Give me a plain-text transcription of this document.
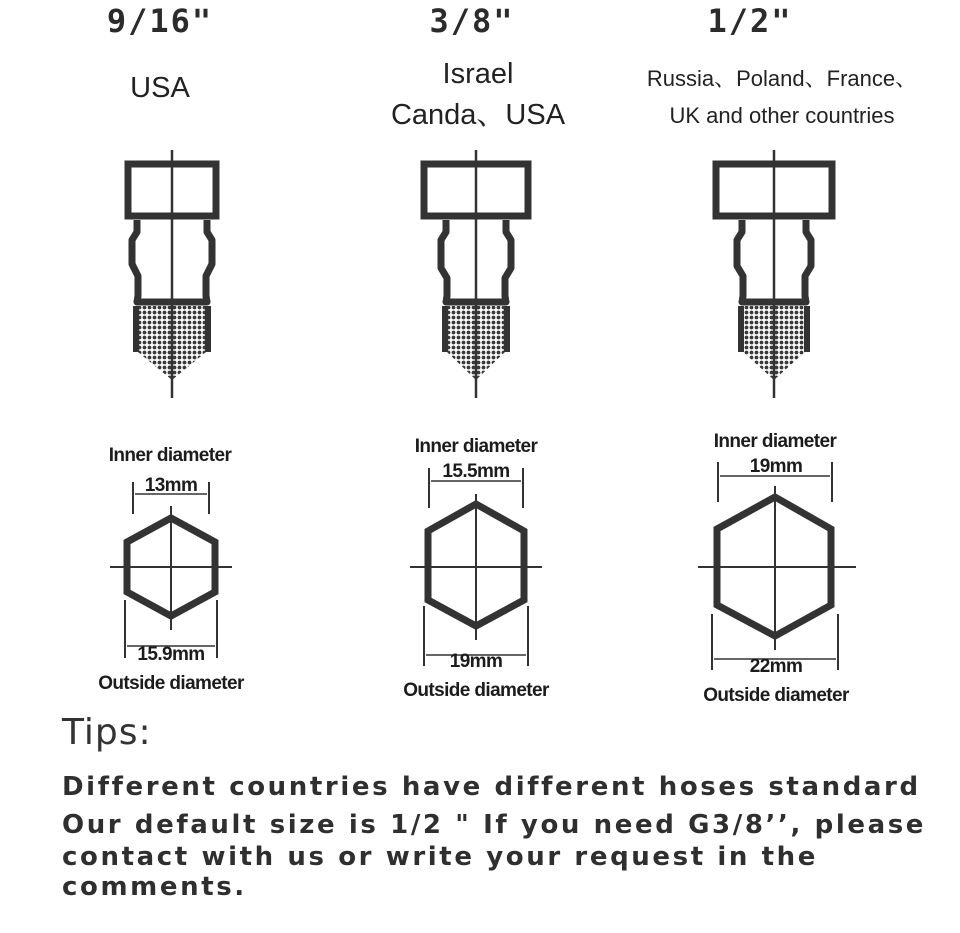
9/16"
USA
Inner diameter
13mm
15.9mm
Outside diameter
3/8"
Israel
Canda、USA
Inner diameter
15.5mm
19mm
Outside diameter
1/2"
Russia、Poland、France、
UK and other countries
Inner diameter
19mm
22mm
Outside diameter
Tips:
Different countries have different hoses standard
Our default size is 1/2 " If you need G3/8’’, please
contact with us or write your request in the
comments.
